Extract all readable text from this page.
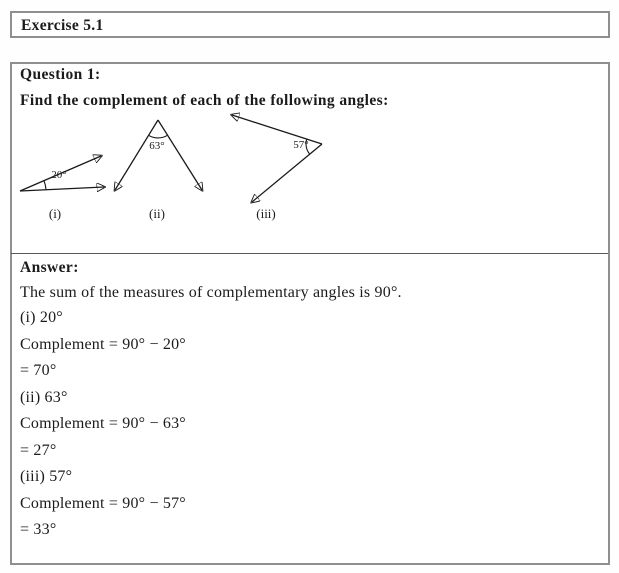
Exercise 5.1
Question 1:
Find the complement of each of the following angles:
20°
63°	57°
(i)	(ii)	(iii)
Answer:
The sum of the measures of complementary angles is 90°.

(i) 20°

Complement = 90° − 20°

= 70°

(ii) 63°

Complement = 90° − 63°

= 27°

(iii) 57°

Complement = 90° − 57°

= 33°
